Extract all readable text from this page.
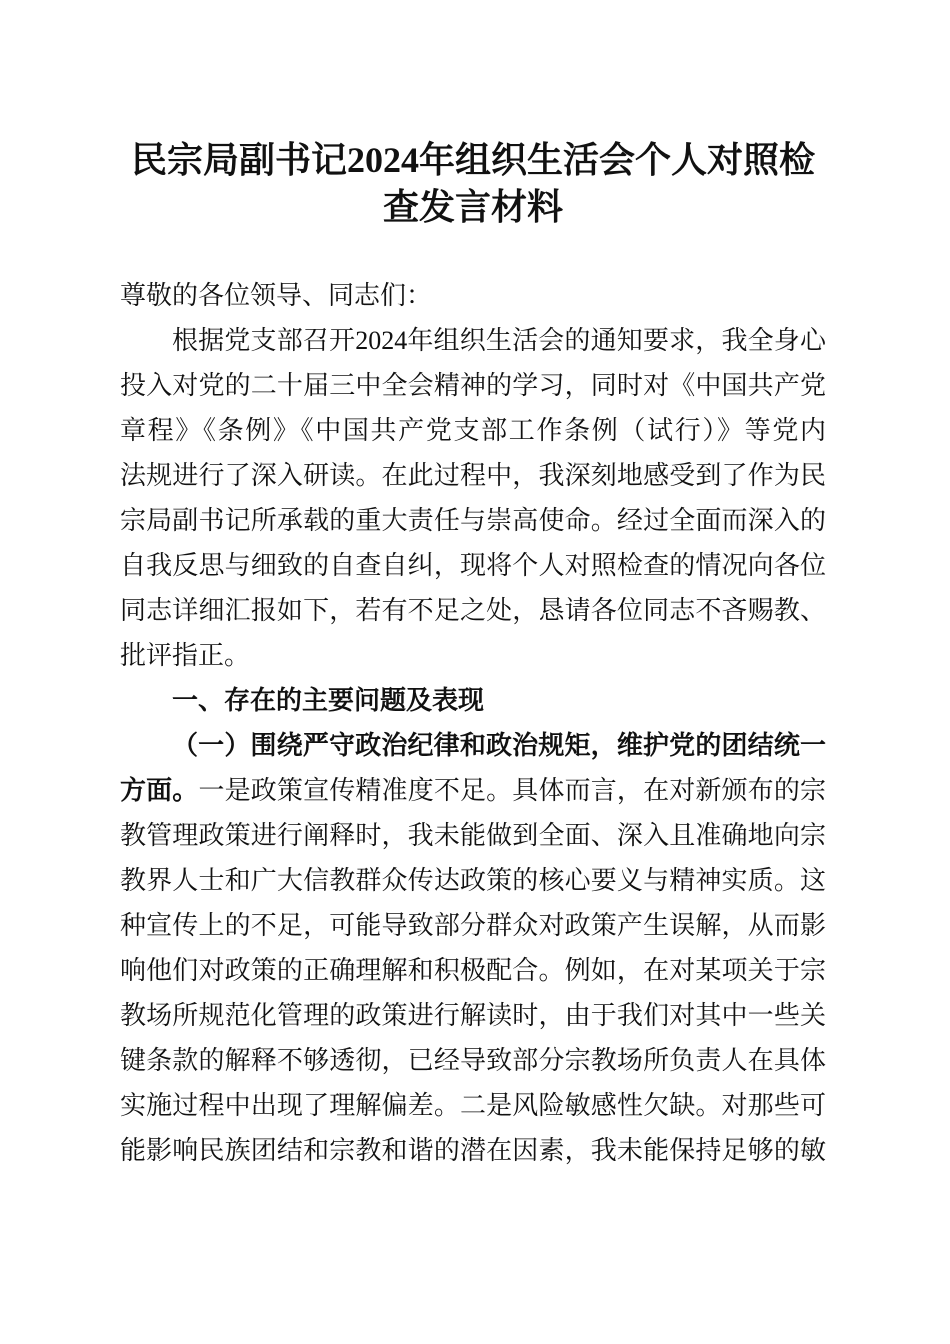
民宗局副书记2024年组织生活会个人对照检
查发言材料
尊敬的各位领导、同志们：
根据党支部召开2024年组织生活会的通知要求，我全身心
投入对党的二十届三中全会精神的学习，同时对《中国共产党
章程》《条例》《中国共产党支部工作条例（试行）》等党内
法规进行了深入研读。在此过程中，我深刻地感受到了作为民
宗局副书记所承载的重大责任与崇高使命。经过全面而深入的
自我反思与细致的自查自纠，现将个人对照检查的情况向各位
同志详细汇报如下，若有不足之处，恳请各位同志不吝赐教、
批评指正。
一、存在的主要问题及表现
（一）围绕严守政治纪律和政治规矩，维护党的团结统一
方面。一是政策宣传精准度不足。具体而言，在对新颁布的宗
教管理政策进行阐释时，我未能做到全面、深入且准确地向宗
教界人士和广大信教群众传达政策的核心要义与精神实质。这
种宣传上的不足，可能导致部分群众对政策产生误解，从而影
响他们对政策的正确理解和积极配合。例如，在对某项关于宗
教场所规范化管理的政策进行解读时，由于我们对其中一些关
键条款的解释不够透彻，已经导致部分宗教场所负责人在具体
实施过程中出现了理解偏差。二是风险敏感性欠缺。对那些可
能影响民族团结和宗教和谐的潜在因素，我未能保持足够的敏
